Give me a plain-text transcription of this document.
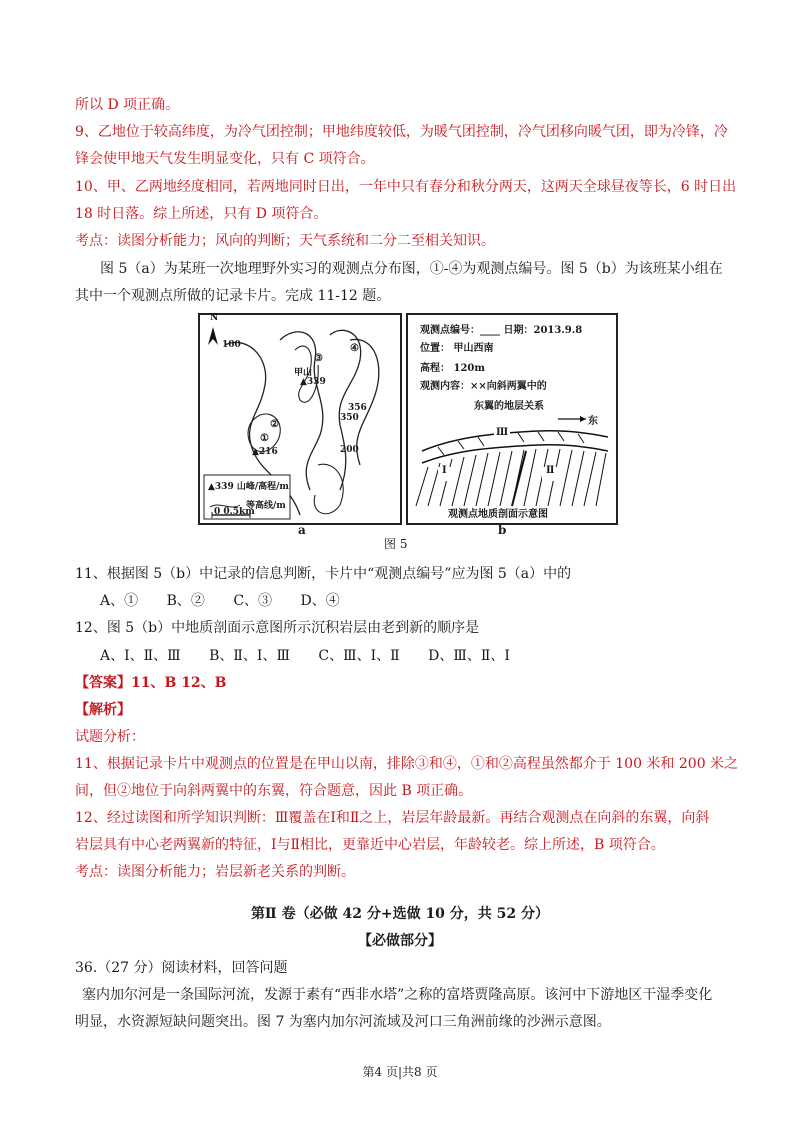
所以 D 项正确。
9、乙地位于较高纬度，为冷气团控制；甲地纬度较低，为暖气团控制，冷气团移向暖气团，即为冷锋，冷
锋会使甲地天气发生明显变化，只有 C 项符合。
10、甲、乙两地经度相同，若两地同时日出，一年中只有春分和秋分两天，这两天全球昼夜等长，6 时日出
18 时日落。综上所述，只有 D 项符合。
考点：读图分析能力；风向的判断；天气系统和二分二至相关知识。
图 5（a）为某班一次地理野外实习的观测点分布图，①-④为观测点编号。图 5（b）为该班某小组在
其中一个观测点所做的记录卡片。完成 11-12 题。
N
100
③
④
甲山
▲339
356
350
②
①
▲216	200
▲339 山峰/高程/m
等高线/m
0 0.5km
观测点编号：____ 日期：2013.9.8
位置： 甲山西南
高程： 120m
观测内容：××向斜两翼中的
东翼的地层关系
东
Ⅰ	Ⅱ
Ⅲ
观测点地质剖面示意图
a	b
图 5
11、根据图 5（b）中记录的信息判断，卡片中“观测点编号”应为图 5（a）中的
A、① B、② C、③ D、④
12、图 5（b）中地质剖面示意图所示沉积岩层由老到新的顺序是
A、Ⅰ、Ⅱ、Ⅲ B、Ⅱ、Ⅰ、Ⅲ C、Ⅲ、Ⅰ、Ⅱ D、Ⅲ、Ⅱ、Ⅰ
【答案】11、B 12、B
【解析】
试题分析：
11、根据记录卡片中观测点的位置是在甲山以南，排除③和④，①和②高程虽然都介于 100 米和 200 米之
间，但②地位于向斜两翼中的东翼，符合题意，因此 B 项正确。
12、经过读图和所学知识判断：Ⅲ覆盖在Ⅰ和Ⅱ之上，岩层年龄最新。再结合观测点在向斜的东翼，向斜
岩层具有中心老两翼新的特征，Ⅰ与Ⅱ相比，更靠近中心岩层，年龄较老。综上所述，B 项符合。
考点：读图分析能力；岩层新老关系的判断。
第Ⅱ 卷（必做 42 分+选做 10 分，共 52 分）
【必做部分】
36.（27 分）阅读材料，回答问题
塞内加尔河是一条国际河流，发源于素有“西非水塔”之称的富塔贾隆高原。该河中下游地区干湿季变化
明显，水资源短缺问题突出。图 7 为塞内加尔河流域及河口三角洲前缘的沙洲示意图。
第4 页|共8 页
